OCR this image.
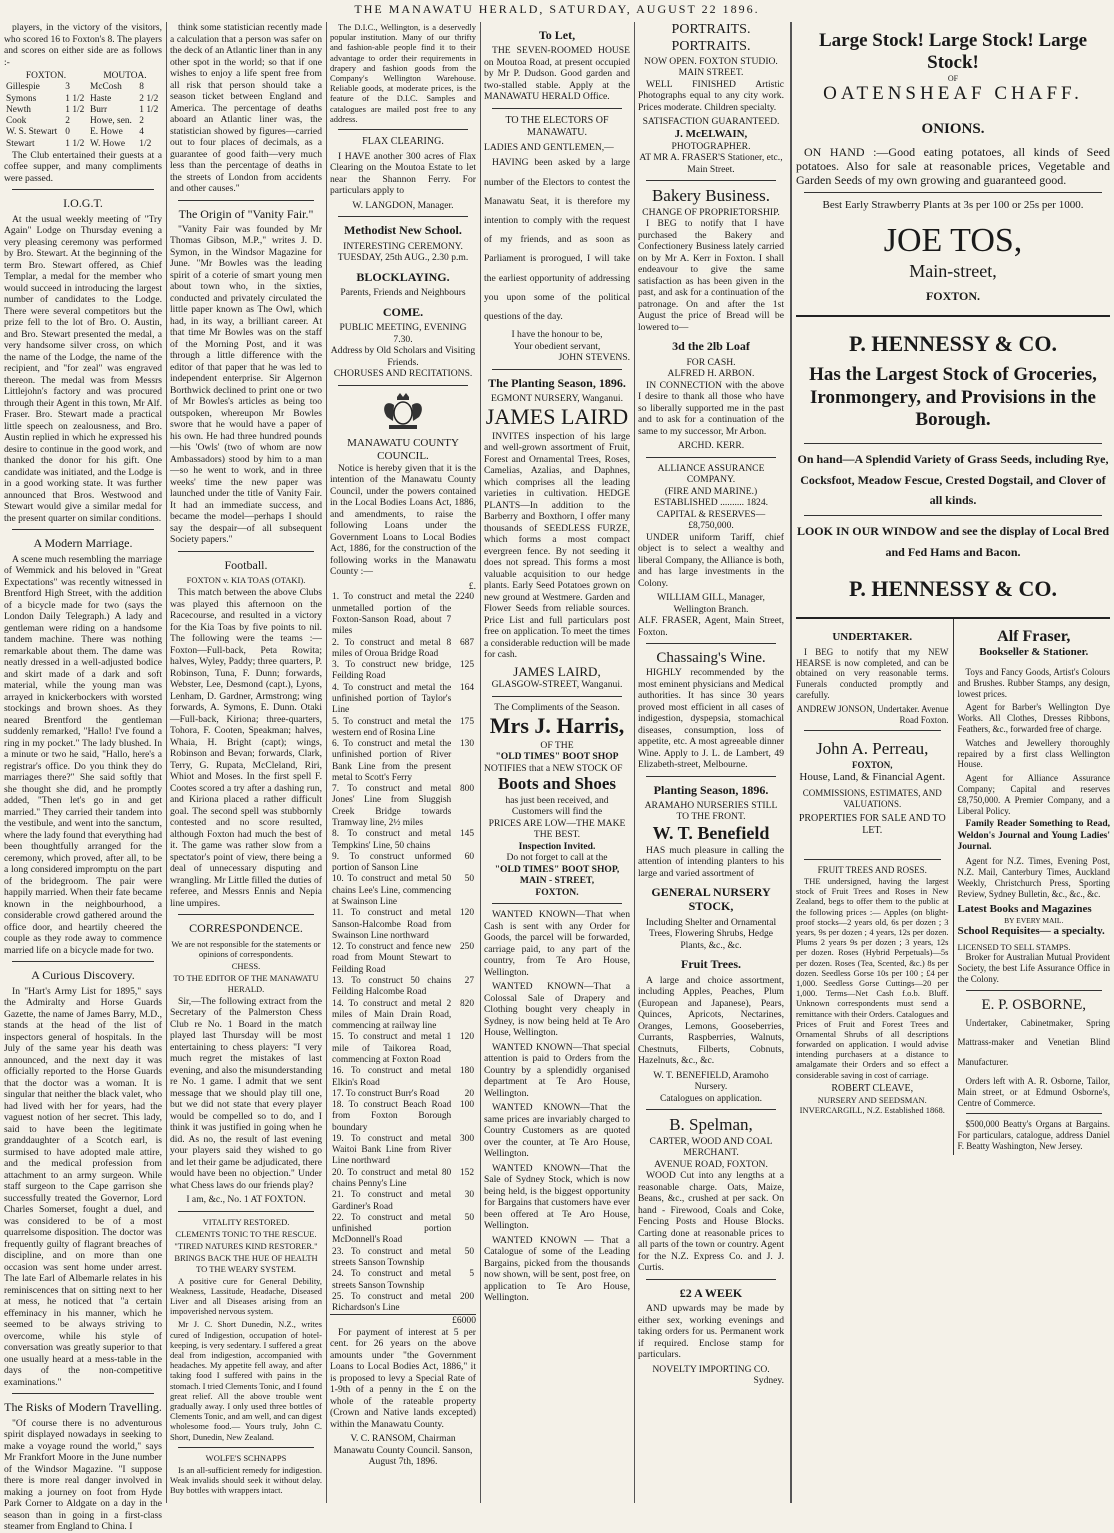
THE MANAWATU HERALD, SATURDAY, AUGUST 22 1896.

players, in the victory of the visitors, who scored 16 to Foxton's 8. The players and scores on either side are as follows :-

FOXTON.		MOUTOA.	
Gillespie	3	McCosh	8
Symons	1 1/2	Haste	2 1/2
Newth	1 1/2	Burr	1 1/2
Cook	2	Howe, sen.	2
W. S. Stewart	0	E. Howe	4
Stewart	1 1/2	W. Howe	1/2

The Club entertained their guests at a coffee supper, and many compliments were passed.

I.O.G.T.

At the usual weekly meeting of "Try Again" Lodge on Thursday evening a very pleasing ceremony was performed by Bro. Stewart. At the beginning of the term Bro. Stewart offered, as Chief Templar, a medal for the member who would succeed in introducing the largest number of candidates to the Lodge. There were several competitors but the prize fell to the lot of Bro. O. Austin, and Bro. Stewart presented the medal, a very handsome silver cross, on which the name of the Lodge, the name of the recipient, and "for zeal" was engraved thereon. The medal was from Messrs Littlejohn's factory and was procured through their Agent in this town, Mr Alf. Fraser. Bro. Stewart made a practical little speech on zealousness, and Bro. Austin replied in which he expressed his desire to continue in the good work, and thanked the donor for his gift. One candidate was initiated, and the Lodge is in a good working state. It was further announced that Bros. Westwood and Stewart would give a similar medal for the present quarter on similar conditions.

A Modern Marriage.

A scene much resembling the marriage of Wemmick and his beloved in "Great Expectations" was recently witnessed in Brentford High Street, with the addition of a bicycle made for two (says the London Daily Telegraph.) A lady and gentleman were riding on a handsome tandem machine. There was nothing remarkable about them. The dame was neatly dressed in a well-adjusted bodice and skirt made of a dark and soft material, while the young man was arrayed in knickerbockers with worsted stockings and brown shoes. As they neared Brentford the gentleman suddenly remarked, "Hallo! I've found a ring in my pocket." The lady blushed. In a minute or two he said, "Hallo, here's a registrar's office. Do you think they do marriages there?" She said softly that she thought she did, and he promptly added, "Then let's go in and get married." They carried their tandem into the vestibule, and went into the sanctum, where the lady found that everything had been thoughtfully arranged for the ceremony, which proved, after all, to be a long considered impromptu on the part of the bridegroom. The pair were happily married. When their fate became known in the neighbourhood, a considerable crowd gathered around the office door, and heartily cheered the couple as they rode away to commence married life on a bicycle made for two.

A Curious Discovery.

In "Hart's Army List for 1895," says the Admiralty and Horse Guards Gazette, the name of James Barry, M.D., stands at the head of the list of inspectors general of hospitals. In the July of the same year his death was announced, and the next day it was officially reported to the Horse Guards that the doctor was a woman. It is singular that neither the black valet, who had lived with her for years, had the vaguest notion of her secret. This lady, said to have been the legitimate granddaughter of a Scotch earl, is surmised to have adopted male attire, and the medical profession from attachment to an army surgeon. While staff surgeon to the Cape garrison she successfully treated the Governor, Lord Charles Somerset, fought a duel, and was considered to be of a most quarrelsome disposition. The doctor was frequently guilty of flagrant breaches of discipline, and on more than one occasion was sent home under arrest. The late Earl of Albemarle relates in his reminiscences that on sitting next to her at mess, he noticed that "a certain effeminacy in his manner, which he seemed to be always striving to overcome, while his style of conversation was greatly superior to that one usually heard at a mess-table in the days of the non-competitive examinations."

The Risks of Modern Travelling.

"Of course there is no adventurous spirit displayed nowadays in seeking to make a voyage round the world," says Mr Frankfort Moore in the June number of the Windsor Magazine. "I suppose there is more real danger involved in making a journey on foot from Hyde Park Corner to Aldgate on a day in the season than in going in a first-class steamer from England to China. I

think some statistician recently made a calculation that a person was safer on the deck of an Atlantic liner than in any other spot in the world; so that if one wishes to enjoy a life spent free from all risk that person should take a season ticket between England and America. The percentage of deaths aboard an Atlantic liner was, the statistician showed by figures—carried out to four places of decimals, as a guarantee of good faith—very much less than the percentage of deaths in the streets of London from accidents and other causes."

The Origin of "Vanity Fair."

"Vanity Fair was founded by Mr Thomas Gibson, M.P.," writes J. D. Symon, in the Windsor Magazine for June. "Mr Bowles was the leading spirit of a coterie of smart young men about town who, in the sixties, conducted and privately circulated the little paper known as The Owl, which had, in its way, a brilliant career. At that time Mr Bowles was on the staff of the Morning Post, and it was through a little difference with the editor of that paper that he was led to independent enterprise. Sir Algernon Borthwick declined to print one or two of Mr Bowles's articles as being too outspoken, whereupon Mr Bowles swore that he would have a paper of his own. He had three hundred pounds—his 'Owls' (two of whom are now Ambassadors) stood by him to a man—so he went to work, and in three weeks' time the new paper was launched under the title of Vanity Fair. It had an immediate success, and became the model—perhaps I should say the despair—of all subsequent Society papers."

Football.
FOXTON v. KIA TOAS (OTAKI).

This match between the above Clubs was played this afternoon on the Racecourse, and resulted in a victory for the Kia Toas by five points to nil. The following were the teams :— Foxton—Full-back, Peta Rowita; halves, Wyley, Paddy; three quarters, P. Robinson, Tuna, F. Dunn; forwards, Webster, Lee, Desmond (capt.), Lyons, Lenham, D. Gardner, Armstrong; wing forwards, A. Symons, E. Dunn. Otaki—Full-back, Kiriona; three-quarters, Tohora, F. Cooten, Speakman; halves, Whaia, H. Bright (capt); wings, Robinson and Bevan; forwards, Clark, Terry, G. Rupata, McCleland, Riri, Whiot and Moses. In the first spell F. Cootes scored a try after a dashing run, and Kiriona placed a rather difficult goal. The second spell was stubbornly contested and no score resulted, although Foxton had much the best of it. The game was rather slow from a spectator's point of view, there being a deal of unnecessary disputing and wrangling. Mr Little filled the duties of referee, and Messrs Ennis and Nepia line umpires.

CORRESPONDENCE.
We are not responsible for the statements or opinions of correspondents.
CHESS.
TO THE EDITOR OF THE MANAWATU HERALD.

Sir,—The following extract from the Secretary of the Palmerston Chess Club re No. 1 Board in the match played last Thursday will be most entertaining to chess players: "I very much regret the mistakes of last evening, and also the misunderstanding re No. 1 game. I admit that we sent message that we should play till one, but we did not state that every player would be compelled so to do, and I think it was justified in going when he did. As no, the result of last evening your players said they wished to go and let their game be adjudicated, there would have been no objection." Under what Chess laws do our friends play?

I am, &c., No. 1 AT FOXTON.
VITALITY RESTORED.
CLEMENTS TONIC TO THE RESCUE.
"TIRED NATURES KIND RESTORER."
BRINGS BACK THE HUE OF HEALTH TO THE WEARY SYSTEM.

A positive cure for General Debility, Weakness, Lassitude, Headache, Diseased Liver and all Diseases arising from an impoverished nervous system.

Mr J. C. Short Dunedin, N.Z., writes cured of Indigestion, occupation of hotel-keeping, is very sedentary. I suffered a great deal from indigestion, accompanied with headaches. My appetite fell away, and after taking food I suffered with pains in the stomach. I tried Clements Tonic, and I found great relief. All the above trouble went gradually away. I only used three bottles of Clements Tonic, and am well, and can digest wholesome food.— Yours truly, John C. Short, Dunedin, New Zealand.

WOLFE'S SCHNAPPS

Is an all-sufficient remedy for indigestion. Weak invalids should seek it without delay. Buy bottles with wrappers intact.

The D.I.C., Wellington, is a deservedly popular institution. Many of our thrifty and fashion-able people find it to their advantage to order their requirements in drapery and fashion goods from the Company's Wellington Warehouse. Reliable goods, at moderate prices, is the feature of the D.I.C. Samples and catalogues are mailed post free to any address.

FLAX CLEARING.

I HAVE another 300 acres of Flax Clearing on the Moutoa Estate to let near the Shannon Ferry. For particulars apply to

W. LANGDON, Manager.
Methodist New School.
INTERESTING CEREMONY.
TUESDAY, 25th AUG., 2.30 p.m.
BLOCKLAYING.
Parents, Friends and Neighbours
COME.
PUBLIC MEETING, EVENING 7.30.
Address by Old Scholars and Visiting Friends.
CHORUSES AND RECITATIONS.
MANAWATU COUNTY COUNCIL.

Notice is hereby given that it is the intention of the Manawatu County Council, under the powers contained in the Local Bodies Loans Act, 1886, and amendments, to raise the following Loans under the Government Loans to Local Bodies Act, 1886, for the construction of the following works in the Manawatu County :—

£.
1. To construct and metal the unmetalled portion of the Foxton-Sanson Road, about 7 miles	2240
2. To construct and metal 8 miles of Oroua Bridge Road	687
3. To construct new bridge, Feilding Road	125
4. To construct and metal the unfinished portion of Taylor's Line	164
5. To construct and metal the western end of Rosina Line	175
6. To construct and metal the unfinished portion of River Bank Line from the present metal to Scott's Ferry	130
7. To construct and metal Jones' Line from Sluggish Creek Bridge towards Tramway line, 2½ miles	800
8. To construct and metal Tempkins' Line, 50 chains	145
9. To construct unformed portion of Sanson Line	60
10. To construct and metal 50 chains Lee's Line, commencing at Swainson Line	50
11. To construct and metal Sanson-Halcombe Road from Swainson Line northward	120
12. To construct and fence new road from Mount Stewart to Feilding Road	250
13. To construct 50 chains Feilding Halcombe Road	27
14. To construct and metal 2 miles of Main Drain Road, commencing at railway line	820
15. To construct and metal 1 mile of Taikorea Road, commencing at Foxton Road	120
16. To construct and metal Elkin's Road	180
17. To construct Burr's Road	20
18. To construct Beach Road from Foxton Borough boundary	100
19. To construct and metal Waitoi Bank Line from River Line northward	300
20. To construct and metal 80 chains Penny's Line	152
21. To construct and metal Gardiner's Road	30
22. To construct and metal unfinished portion McDonnell's Road	50
23. To construct and metal streets Sanson Township	50
24. To construct and metal streets Sanson Township	5
25. To construct and metal Richardson's Line	200
£6000

For payment of interest at 5 per cent. for 26 years on the above amounts under "the Government Loans to Local Bodies Act, 1886," it is proposed to levy a Special Rate of 1-9th of a penny in the £ on the whole of the rateable property (Crown and Native lands excepted) within the Manawatu County.

V. C. RANSOM, Chairman Manawatu County Council. Sanson, August 7th, 1896.
To Let,

THE SEVEN-ROOMED HOUSE on Moutoa Road, at present occupied by Mr P. Dudson. Good garden and two-stalled stable. Apply at the MANAWATU HERALD Office.

TO THE ELECTORS OF MANAWATU.
LADIES AND GENTLEMEN,—

HAVING been asked by a large number of the Electors to contest the Manawatu Seat, it is therefore my intention to comply with the request of my friends, and as soon as Parliament is prorogued, I will take the earliest opportunity of addressing you upon some of the political questions of the day.

I have the honour to be,
Your obedient servant,
JOHN STEVENS.
The Planting Season, 1896.
EGMONT NURSERY, Wanganui.
JAMES LAIRD

INVITES inspection of his large and well-grown assortment of Fruit, Forest and Ornamental Trees, Roses, Camelias, Azalias, and Daphnes, which comprises all the leading varieties in cultivation. HEDGE PLANTS—In addition to the Barberry and Boxthorn, I offer many thousands of SEEDLESS FURZE, which forms a most compact evergreen fence. By not seeding it does not spread. This forms a most valuable acquisition to our hedge plants. Early Seed Potatoes grown on new ground at Westmere. Garden and Flower Seeds from reliable sources. Price List and full particulars post free on application. To meet the times a considerable reduction will be made for cash.

JAMES LAIRD,
GLASGOW-STREET, Wanganui.
The Compliments of the Season.
Mrs J. Harris,
OF THE
"OLD TIMES" BOOT SHOP
NOTIFIES that a NEW STOCK OF
Boots and Shoes
has just been received, and Customers will find the
PRICES ARE LOW—THE MAKE THE BEST.
Inspection Invited.
Do not forget to call at the
"OLD TIMES" BOOT SHOP,
MAIN - STREET,
FOXTON.

WANTED KNOWN—That when Cash is sent with any Order for Goods, the parcel will be forwarded, carriage paid, to any part of the country, from Te Aro House, Wellington.

WANTED KNOWN—That a Colossal Sale of Drapery and Clothing bought very cheaply in Sydney, is now being held at Te Aro House, Wellington.

WANTED KNOWN—That special attention is paid to Orders from the Country by a splendidly organised department at Te Aro House, Wellington.

WANTED KNOWN—That the same prices are invariably charged to Country Customers as are quoted over the counter, at Te Aro House, Wellington.

WANTED KNOWN—That the Sale of Sydney Stock, which is now being held, is the biggest opportunity for Bargains that customers have ever been offered at Te Aro House, Wellington.

WANTED KNOWN — That a Catalogue of some of the Leading Bargains, picked from the thousands now shown, will be sent, post free, on application to Te Aro House, Wellington.

PORTRAITS. PORTRAITS.
NOW OPEN. FOXTON STUDIO. MAIN STREET.

WELL FINISHED Artistic Photographs equal to any city work. Prices moderate. Children specialty.

SATISFACTION GUARANTEED.
J. McELWAIN,
PHOTOGRAPHER.
AT MR A. FRASER'S Stationer, etc., Main Street.
Bakery Business.
CHANGE OF PROPRIETORSHIP.

I BEG to notify that I have purchased the Bakery and Confectionery Business lately carried on by Mr A. Kerr in Foxton. I shall endeavour to give the same satisfaction as has been given in the past, and ask for a continuation of the patronage. On and after the 1st August the price of Bread will be lowered to—

3d the 2lb Loaf
FOR CASH.
ALFRED H. ARBON.

IN CONNECTION with the above I desire to thank all those who have so liberally supported me in the past and to ask for a continuation of the same to my successor, Mr Arbon.

ARCHD. KERR.
ALLIANCE ASSURANCE COMPANY.
(FIRE AND MARINE.)
ESTABLISHED .......... 1824.
CAPITAL & RESERVES— £8,750,000.

UNDER uniform Tariff, chief object is to select a wealthy and liberal Company, the Alliance is both, and has large investments in the Colony.

WILLIAM GILL, Manager, Wellington Branch.
ALF. FRASER, Agent, Main Street, Foxton.
Chassaing's Wine.

HIGHLY recommended by the most eminent physicians and Medical authorities. It has since 30 years proved most efficient in all cases of indigestion, dyspepsia, stomachical diseases, consumption, loss of appetite, etc. A most agreeable dinner Wine. Apply to J. L. de Lambert, 49 Elizabeth-street, Melbourne.

Planting Season, 1896.
ARAMAHO NURSERIES STILL TO THE FRONT.
W. T. Benefield

HAS much pleasure in calling the attention of intending planters to his large and varied assortment of

GENERAL NURSERY STOCK,
Including Shelter and Ornamental Trees, Flowering Shrubs, Hedge Plants, &c., &c.
Fruit Trees.

A large and choice assortment, including Apples, Peaches, Plum (European and Japanese), Pears, Quinces, Apricots, Nectarines, Oranges, Lemons, Gooseberries, Currants, Raspberries, Walnuts, Chestnuts, Filberts, Cobnuts, Hazelnuts, &c., &c.

W. T. BENEFIELD, Aramoho Nursery.
Catalogues on application.
B. Spelman,
CARTER, WOOD AND COAL MERCHANT.
AVENUE ROAD, FOXTON.

WOOD Cut into any lengths at a reasonable charge. Oats, Maize, Beans, &c., crushed at per sack. On hand - Firewood, Coals and Coke, Fencing Posts and House Blocks. Carting done at reasonable prices to all parts of the town or country. Agent for the N.Z. Express Co. and J. J. Curtis.

£2 A WEEK

AND upwards may be made by either sex, working evenings and taking orders for us. Permanent work if required. Enclose stamp for particulars.

NOVELTY IMPORTING CO.
Sydney.
Large Stock! Large Stock! Large Stock!
OF
OATENSHEAF CHAFF.
ONIONS.

ON HAND :—Good eating potatoes, all kinds of Seed potatoes. Also for sale at reasonable prices, Vegetable and Garden Seeds of my own growing and guaranteed good.

Best Early Strawberry Plants at 3s per 100 or 25s per 1000.
JOE TOS,
Main-street,
FOXTON.
P. HENNESSY & CO.
Has the Largest Stock of Groceries, Ironmongery, and Provisions in the Borough.
On hand—A Splendid Variety of Grass Seeds, including Rye, Cocksfoot, Meadow Fescue, Crested Dogstail, and Clover of all kinds.
LOOK IN OUR WINDOW and see the display of Local Bred and Fed Hams and Bacon.
P. HENNESSY & CO.
UNDERTAKER.

I BEG to notify that my NEW HEARSE is now completed, and can be obtained on very reasonable terms. Funerals conducted promptly and carefully.

ANDREW JONSON, Undertaker. Avenue Road Foxton.
John A. Perreau,
FOXTON,
House, Land, & Financial Agent.
COMMISSIONS, ESTIMATES, AND VALUATIONS.
PROPERTIES FOR SALE AND TO LET.
FRUIT TREES AND ROSES.

THE undersigned, having the largest stock of Fruit Trees and Roses in New Zealand, begs to offer them to the public at the following prices :— Apples (on blight-proof stocks—2 years old, 6s per dozen ; 3 years, 9s per dozen ; 4 years, 12s per dozen. Plums 2 years 9s per dozen ; 3 years, 12s per dozen. Roses (Hybrid Perpetuals)—5s per dozen. Roses (Tea, Scented, &c.) 8s per dozen. Seedless Gorse 10s per 100 ; £4 per 1,000. Seedless Gorse Cuttings—20 per 1,000. Terms—Net Cash f.o.b. Bluff. Unknown correspondents must send a remittance with their Orders. Catalogues and Prices of Fruit and Forest Trees and Ornamental Shrubs of all descriptions forwarded on application. I would advise intending purchasers at a distance to amalgamate their Orders and so effect a considerable saving in cost of carriage.

ROBERT CLEAVE,
NURSERY AND SEEDSMAN. INVERCARGILL, N.Z. Established 1868.
Alf Fraser,
Bookseller & Stationer.

Toys and Fancy Goods, Artist's Colours and Brushes. Rubber Stamps, any design, lowest prices.

Agent for Barber's Wellington Dye Works. All Clothes, Dresses Ribbons, Feathers, &c., forwarded free of charge.

Watches and Jewellery thoroughly repaired by a first class Wellington House.

Agent for Alliance Assurance Company; Capital and reserves £8,750,000. A Premier Company, and a Liberal Policy.

Family Reader Something to Read, Weldon's Journal and Young Ladies' Journal.

Agent for N.Z. Times, Evening Post, N.Z. Mail, Canterbury Times, Auckland Weekly, Christchurch Press, Sporting Review, Sydney Bulletin, &c., &c., &c.

Latest Books and Magazines
BY EVERY MAIL.
School Requisites— a specialty.
LICENSED TO SELL STAMPS.

Broker for Australian Mutual Provident Society, the best Life Assurance Office in the Colony.

E. P. OSBORNE,

Undertaker, Cabinetmaker, Spring Mattrass-maker and Venetian Blind Manufacturer.

Orders left with A. R. Osborne, Tailor, Main street, or at Edmund Osborne's, Centre of Commerce.

$500,000 Beatty's Organs at Bargains. For particulars, catalogue, address Daniel F. Beatty Washington, New Jersey.
